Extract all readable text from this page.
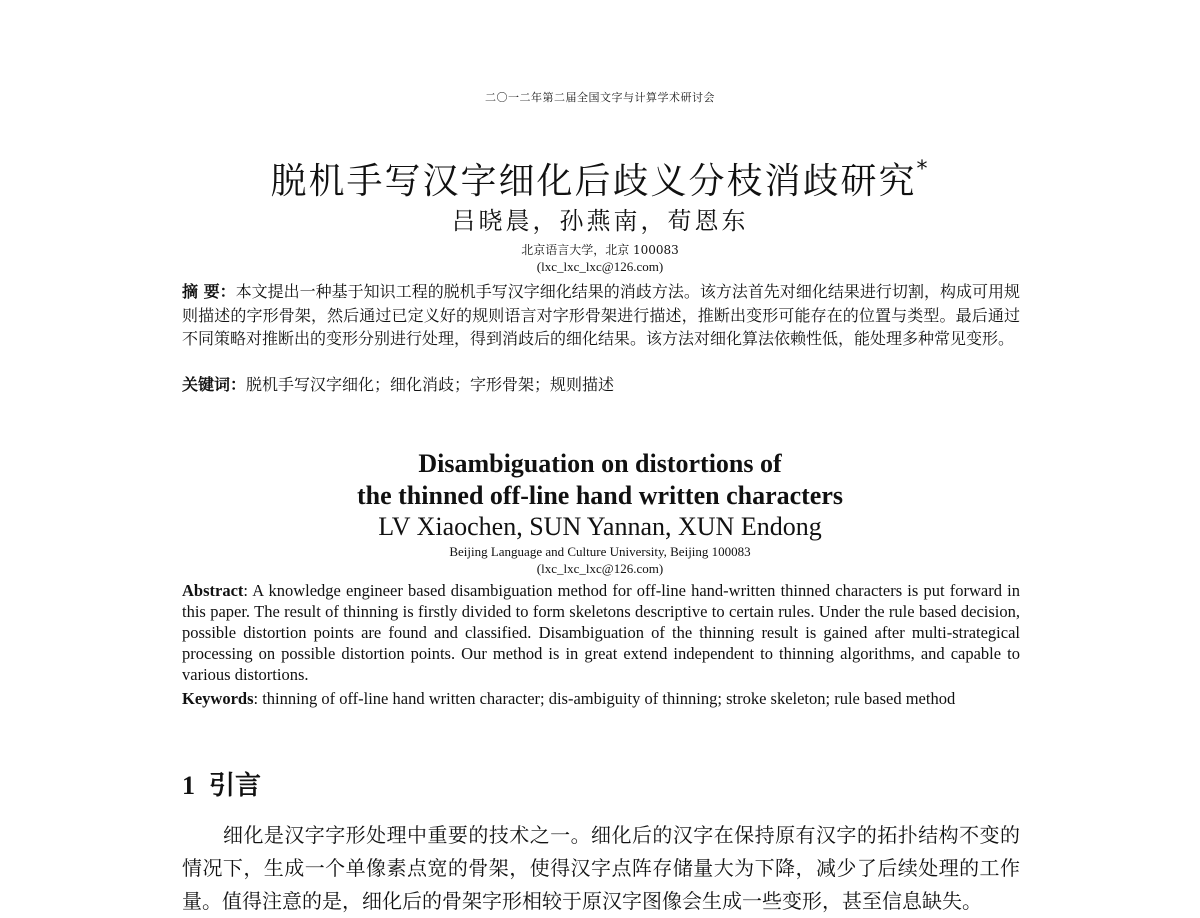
二〇一二年第二届全国文字与计算学术研讨会
脱机手写汉字细化后歧义分枝消歧研究*
吕晓晨，孙燕南，荀恩东
北京语言大学，北京 100083
(lxc_lxc_lxc@126.com)
摘 要：本文提出一种基于知识工程的脱机手写汉字细化结果的消歧方法。该方法首先对细化结果进行切割，构成可用规则描述的字形骨架，然后通过已定义好的规则语言对字形骨架进行描述，推断出变形可能存在的位置与类型。最后通过不同策略对推断出的变形分别进行处理，得到消歧后的细化结果。该方法对细化算法依赖性低，能处理多种常见变形。
关键词：脱机手写汉字细化；细化消歧；字形骨架；规则描述
Disambiguation on distortions of
the thinned off-line hand written characters
LV Xiaochen, SUN Yannan, XUN Endong
Beijing Language and Culture University, Beijing 100083
(lxc_lxc_lxc@126.com)
Abstract: A knowledge engineer based disambiguation method for off-line hand-written thinned characters is put forward in this paper. The result of thinning is firstly divided to form skeletons descriptive to certain rules. Under the rule based decision, possible distortion points are found and classified. Disambiguation of the thinning result is gained after multi-strategical processing on possible distortion points. Our method is in great extend independent to thinning algorithms, and capable to various distortions.
Keywords: thinning of off-line hand written character; dis-ambiguity of thinning; stroke skeleton; rule based method
1 引言
细化是汉字字形处理中重要的技术之一。细化后的汉字在保持原有汉字的拓扑结构不变的情况下，生成一个单像素点宽的骨架，使得汉字点阵存储量大为下降，减少了后续处理的工作量。值得注意的是，细化后的骨架字形相较于原汉字图像会生成一些变形，甚至信息缺失。
